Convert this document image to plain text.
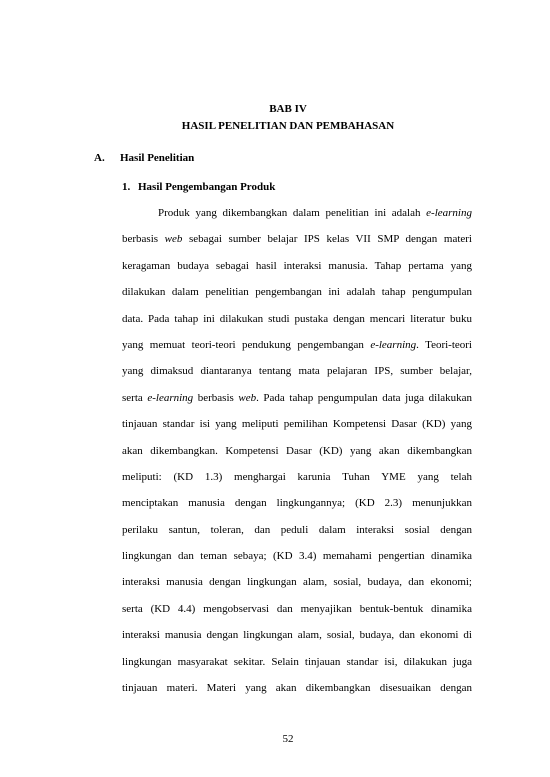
BAB IV
HASIL PENELITIAN DAN PEMBAHASAN
A. Hasil Penelitian
1. Hasil Pengembangan Produk
Produk yang dikembangkan dalam penelitian ini adalah e-learning
berbasis web sebagai sumber belajar IPS kelas VII SMP dengan materi
keragaman budaya sebagai hasil interaksi manusia. Tahap pertama yang
dilakukan dalam penelitian pengembangan ini adalah tahap pengumpulan
data. Pada tahap ini dilakukan studi pustaka dengan mencari literatur buku
yang memuat teori-teori pendukung pengembangan e-learning. Teori-teori
yang dimaksud diantaranya tentang mata pelajaran IPS, sumber belajar,
serta e-learning berbasis web. Pada tahap pengumpulan data juga dilakukan
tinjauan standar isi yang meliputi pemilihan Kompetensi Dasar (KD) yang
akan dikembangkan. Kompetensi Dasar (KD) yang akan dikembangkan
meliputi: (KD 1.3) menghargai karunia Tuhan YME yang telah
menciptakan manusia dengan lingkungannya; (KD 2.3) menunjukkan
perilaku santun, toleran, dan peduli dalam interaksi sosial dengan
lingkungan dan teman sebaya; (KD 3.4) memahami pengertian dinamika
interaksi manusia dengan lingkungan alam, sosial, budaya, dan ekonomi;
serta (KD 4.4) mengobservasi dan menyajikan bentuk-bentuk dinamika
interaksi manusia dengan lingkungan alam, sosial, budaya, dan ekonomi di
lingkungan masyarakat sekitar. Selain tinjauan standar isi, dilakukan juga
tinjauan materi. Materi yang akan dikembangkan disesuaikan dengan
52
